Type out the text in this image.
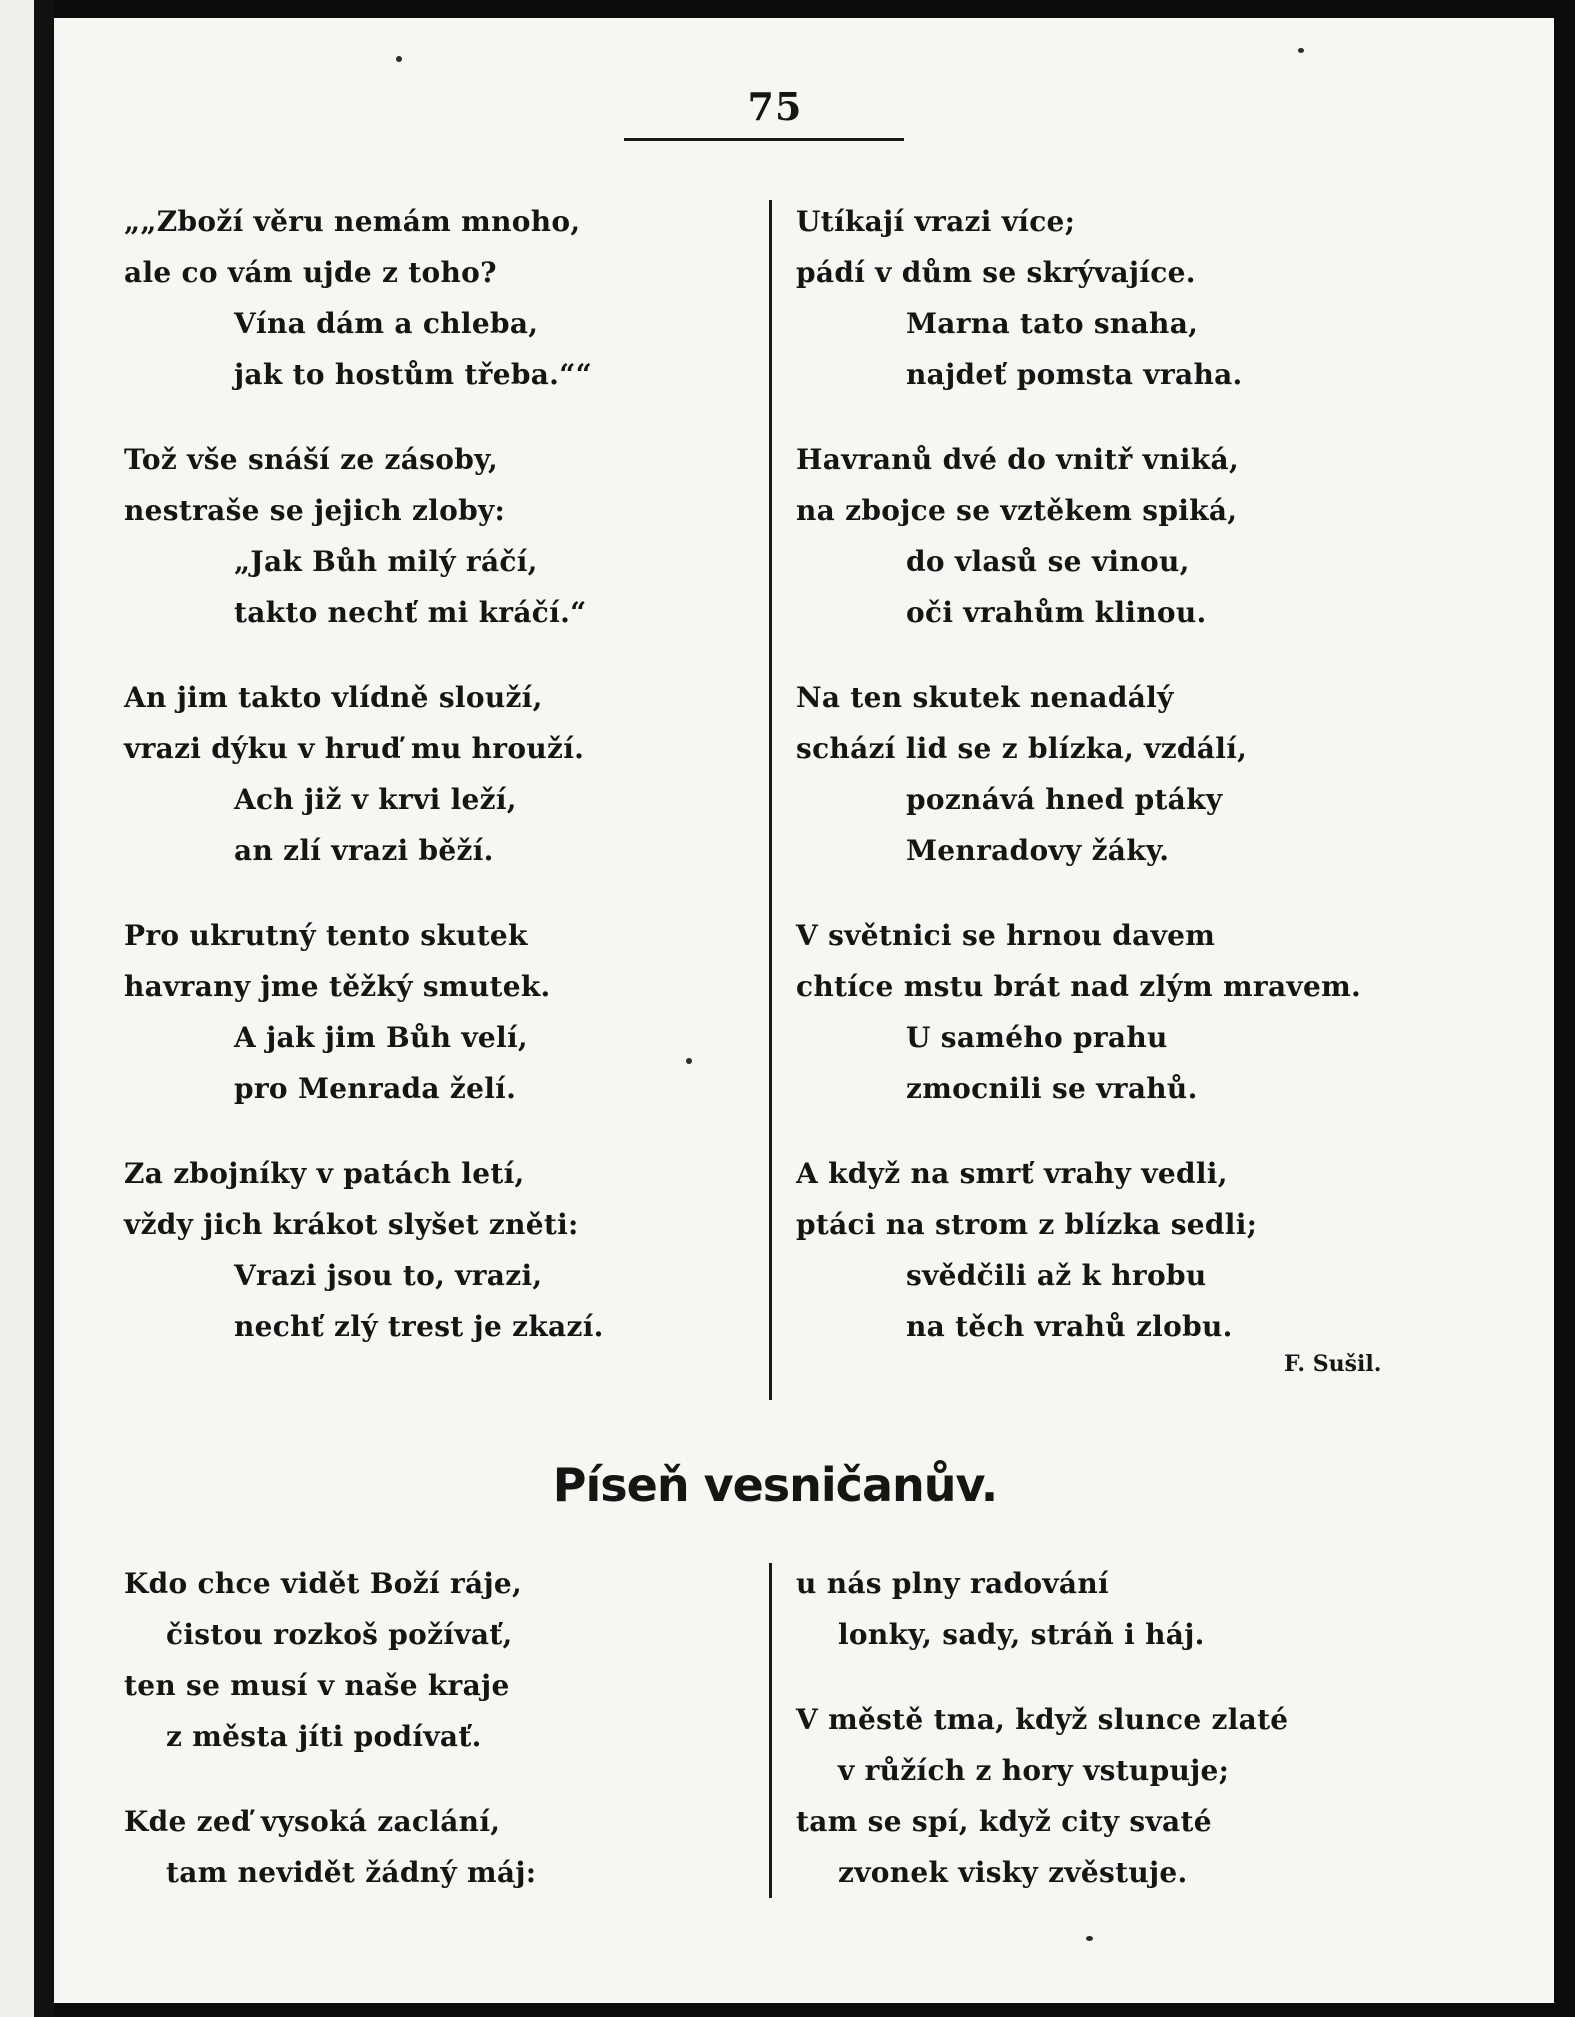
75
„„Zboží věru nemám mnoho,
ale co vám ujde z toho?
Vína dám a chleba,
jak to hostům třeba.““
Tož vše snáší ze zásoby,
nestraše se jejich zloby:
„Jak Bůh milý ráčí,
takto nechť mi kráčí.“
An jim takto vlídně slouží,
vrazi dýku v hruď mu hrouží.
Ach již v krvi leží,
an zlí vrazi běží.
Pro ukrutný tento skutek
havrany jme těžký smutek.
A jak jim Bůh velí,
pro Menrada želí.
Za zbojníky v patách letí,
vždy jich krákot slyšet zněti:
Vrazi jsou to, vrazi,
nechť zlý trest je zkazí.
Utíkají vrazi více;
pádí v dům se skrývajíce.
Marna tato snaha,
najdeť pomsta vraha.
Havranů dvé do vnitř vniká,
na zbojce se vztěkem spiká,
do vlasů se vinou,
oči vrahům klinou.
Na ten skutek nenadálý
schází lid se z blízka, vzdálí,
poznává hned ptáky
Menradovy žáky.
V světnici se hrnou davem
chtíce mstu brát nad zlým mravem.
U samého prahu
zmocnili se vrahů.
A když na smrť vrahy vedli,
ptáci na strom z blízka sedli;
svědčili až k hrobu
na těch vrahů zlobu.
F. Sušil.
Píseň vesničanův.
Kdo chce vidět Boží ráje,
čistou rozkoš požívať,
ten se musí v naše kraje
z města jíti podívať.
Kde zeď vysoká zaclání,
tam nevidět žádný máj:
u nás plny radování
lonky, sady, stráň i háj.
V městě tma, když slunce zlaté
v růžích z hory vstupuje;
tam se spí, když city svaté
zvonek visky zvěstuje.
